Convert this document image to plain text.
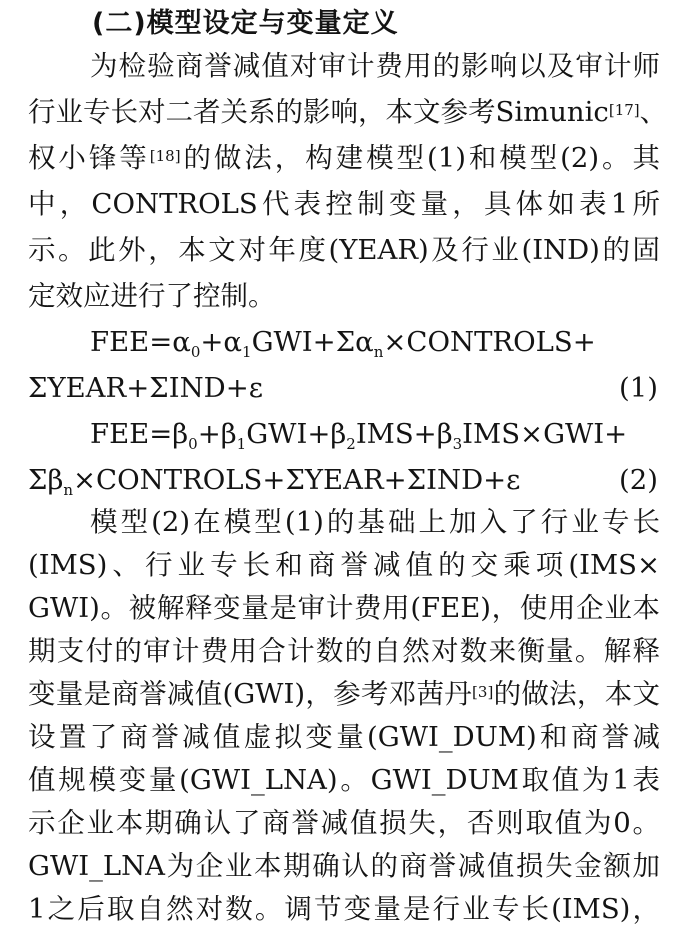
(二)模型设定与变量定义
为检验商誉减值对审计费用的影响以及审计师
行业专长对二者关系的影响，本文参考Simunic[17]、
权小锋等[18]的做法，构建模型(1)和模型(2)。其
中，CONTROLS代表控制变量，具体如表1所
示。此外，本文对年度(YEAR)及行业(IND)的固
定效应进行了控制。
$FEE=\alpha_0+\alpha_1GWI+\Sigma\alpha_n\times CONTROLS+$
ΣYEAR+ΣIND+ε	(1)
$FEE=\beta_0+\beta_1GWI+\beta_2IMS+\beta_3IMS\times GWI+$
$\Sigma\beta_n\times CONTROLS+\Sigma YEAR+\Sigma IND+\varepsilon$	(2)
模型(2)在模型(1)的基础上加入了行业专长
(IMS)、行业专长和商誉减值的交乘项(IMS×
GWI)。被解释变量是审计费用(FEE)，使用企业本
期支付的审计费用合计数的自然对数来衡量。解释
变量是商誉减值(GWI)，参考邓茜丹[3]的做法，本文
设置了商誉减值虚拟变量(GWI_DUM)和商誉减
值规模变量(GWI_LNA)。GWI_DUM取值为1表
示企业本期确认了商誉减值损失，否则取值为0。
GWI_LNA为企业本期确认的商誉减值损失金额加
1之后取自然对数。调节变量是行业专长(IMS)，
